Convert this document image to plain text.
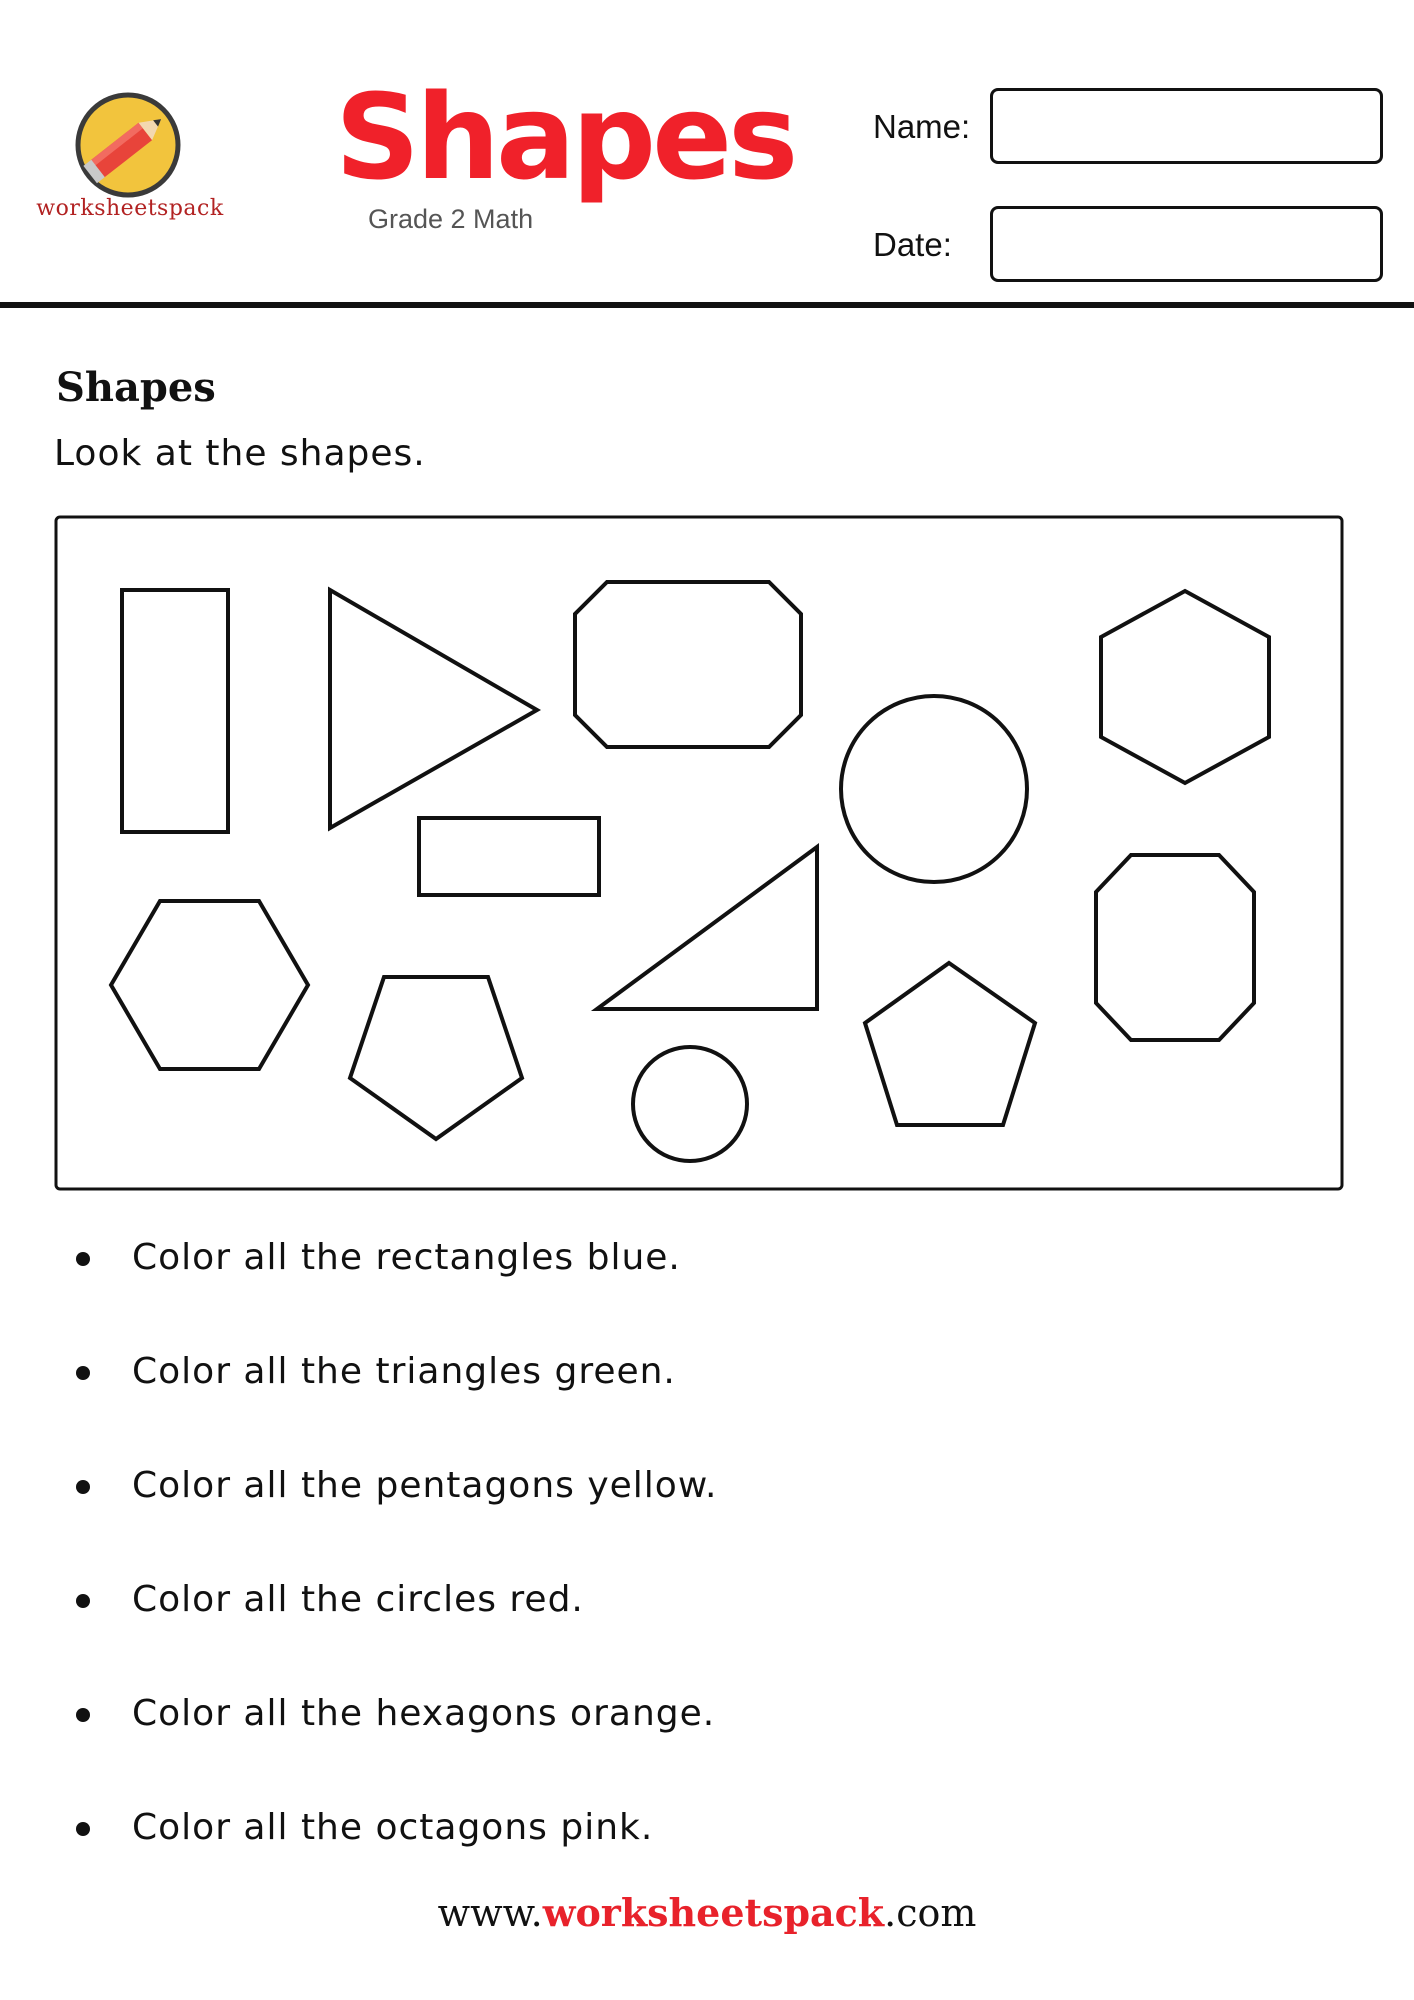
worksheetspack
Shapes
Grade 2 Math
Name:
Date:
Shapes
Look at the shapes.
Color all the rectangles blue.
Color all the triangles green.
Color all the pentagons yellow.
Color all the circles red.
Color all the hexagons orange.
Color all the octagons pink.
www.worksheetspack.com
